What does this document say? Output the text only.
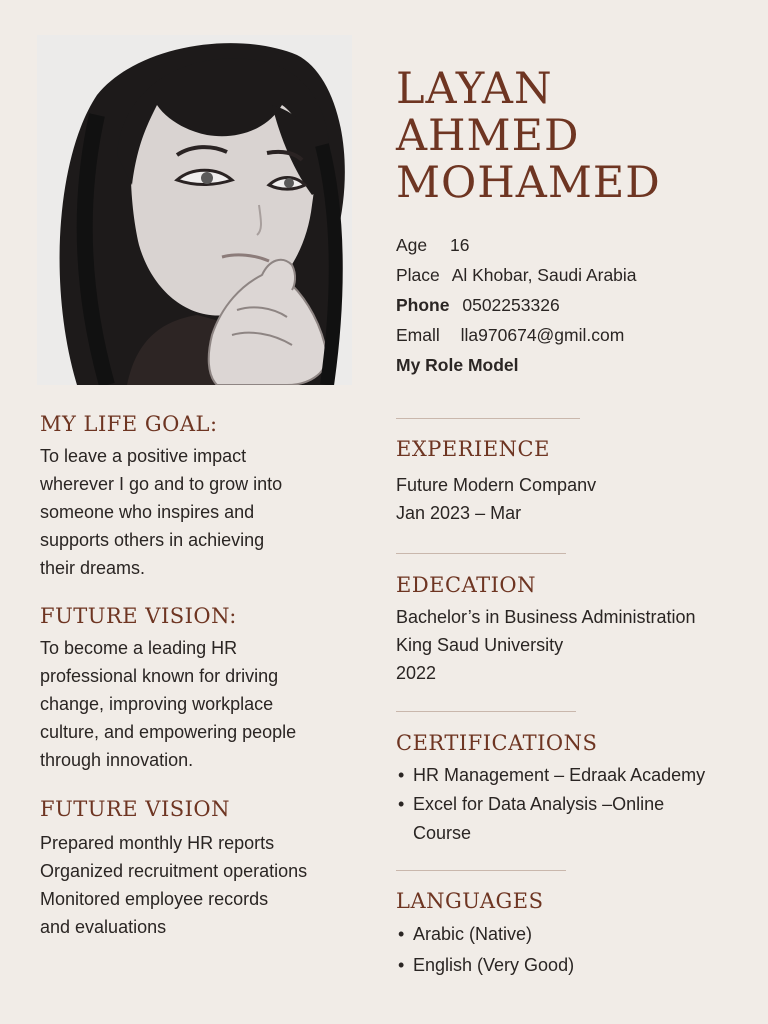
LAYAN
AHMED
MOHAMED
Age 16
Place Al Khobar, Saudi Arabia
Phone 0502253326
Emall lla970674@gmil.com
My Role Model
MY LIFE GOAL:
To leave a positive impact
wherever I go and to grow into
someone who inspires and
supports others in achieving
their dreams.
FUTURE VISION:
To become a leading HR
professional known for driving
change, improving workplace
culture, and empowering people
through innovation.
FUTURE VISION
Prepared monthly HR reports
Organized recruitment operations
Monitored employee records
and evaluations
EXPERIENCE
Future Modern Companv
Jan 2023 – Mar
EDECATION
Bachelor’s in Business Administration
King Saud University
2022
CERTIFICATIONS
• HR Management – Edraak Academy
• Excel for Data Analysis –Online
Course
LANGUAGES
• Arabic (Native)
• English (Very Good)
